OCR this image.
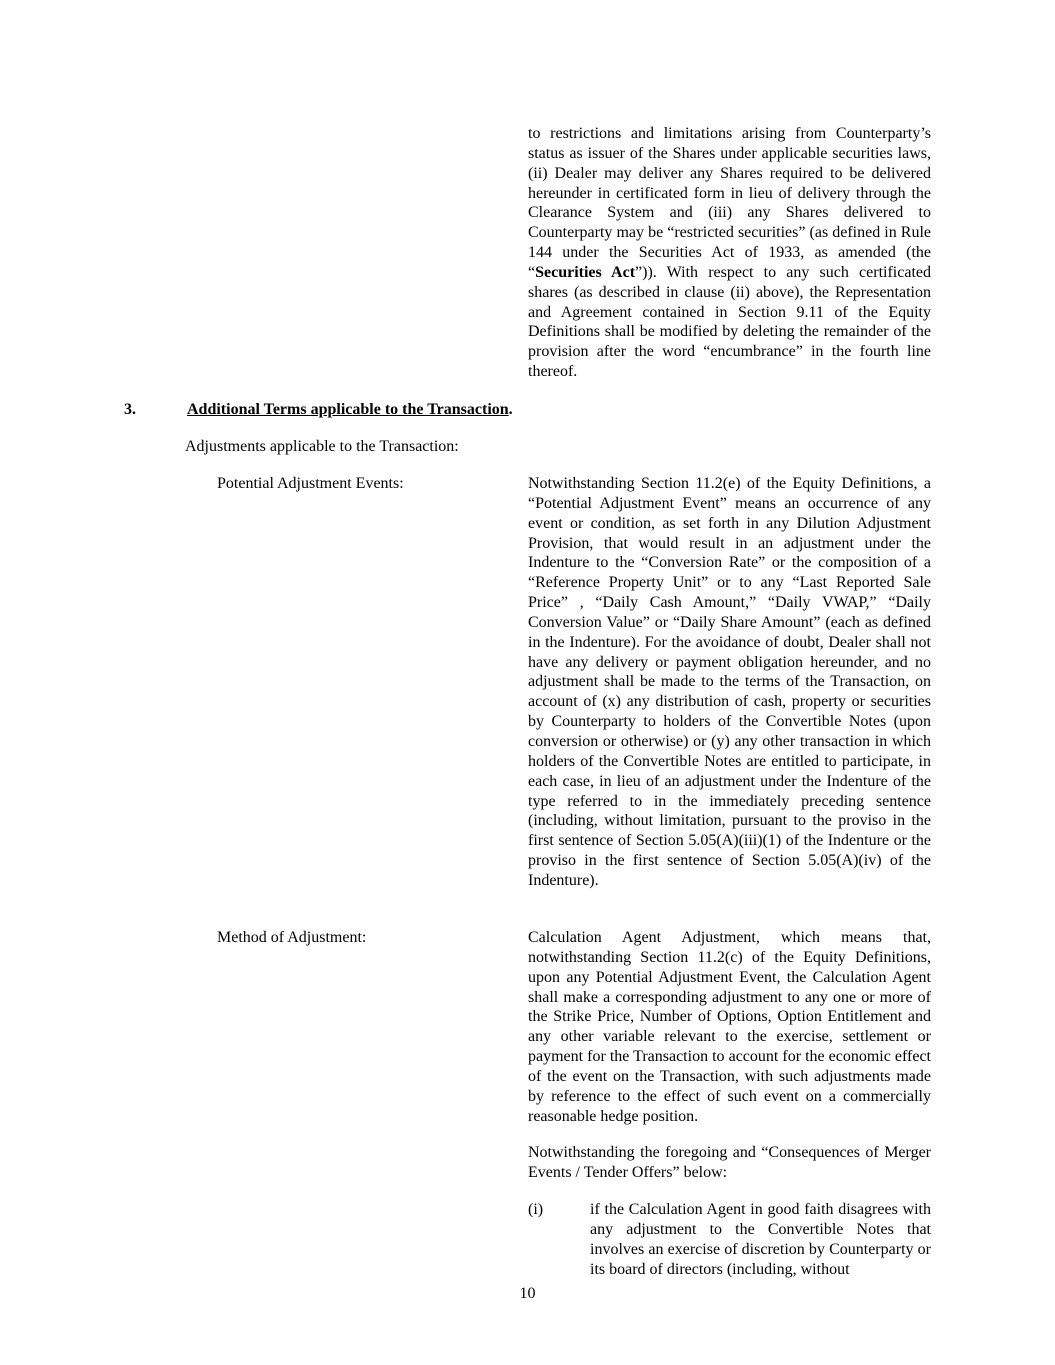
to restrictions and limitations arising from Counterparty’s status as issuer of the Shares under applicable securities laws, (ii) Dealer may deliver any Shares required to be delivered hereunder in certificated form in lieu of delivery through the Clearance System and (iii) any Shares delivered to Counterparty may be “restricted securities” (as defined in Rule 144 under the Securities Act of 1933, as amended (the “Securities Act”)). With respect to any such certificated shares (as described in clause (ii) above), the Representation and Agreement contained in Section 9.11 of the Equity Definitions shall be modified by deleting the remainder of the provision after the word “encumbrance” in the fourth line thereof.

3.	Additional Terms applicable to the Transaction.
Adjustments applicable to the Transaction:
Potential Adjustment Events:	Notwithstanding Section 11.2(e) of the Equity Definitions, a “Potential Adjustment Event” means an occurrence of any event or condition, as set forth in any Dilution Adjustment Provision, that would result in an adjustment under the Indenture to the “Conversion Rate” or the composition of a “Reference Property Unit” or to any “Last Reported Sale Price” , “Daily Cash Amount,” “Daily VWAP,” “Daily Conversion Value” or “Daily Share Amount” (each as defined in the Indenture). For the avoidance of doubt, Dealer shall not have any delivery or payment obligation hereunder, and no adjustment shall be made to the terms of the Transaction, on account of (x) any distribution of cash, property or securities by Counterparty to holders of the Convertible Notes (upon conversion or otherwise) or (y) any other transaction in which holders of the Convertible Notes are entitled to participate, in each case, in lieu of an adjustment under the Indenture of the type referred to in the immediately preceding sentence (including, without limitation, pursuant to the proviso in the first sentence of Section 5.05(A)(iii)(1) of the Indenture or the proviso in the first sentence of Section 5.05(A)(iv) of the Indenture).

Method of Adjustment:	Calculation Agent Adjustment, which means that, notwithstanding Section 11.2(c) of the Equity Definitions, upon any Potential Adjustment Event, the Calculation Agent shall make a corresponding adjustment to any one or more of the Strike Price, Number of Options, Option Entitlement and any other variable relevant to the exercise, settlement or payment for the Transaction to account for the economic effect of the event on the Transaction, with such adjustments made by reference to the effect of such event on a commercially reasonable hedge position.

Notwithstanding the foregoing and “Consequences of Merger Events / Tender Offers” below:

(i)	if the Calculation Agent in good faith disagrees with any adjustment to the Convertible Notes that involves an exercise of discretion by Counterparty or its board of directors (including, without
10
